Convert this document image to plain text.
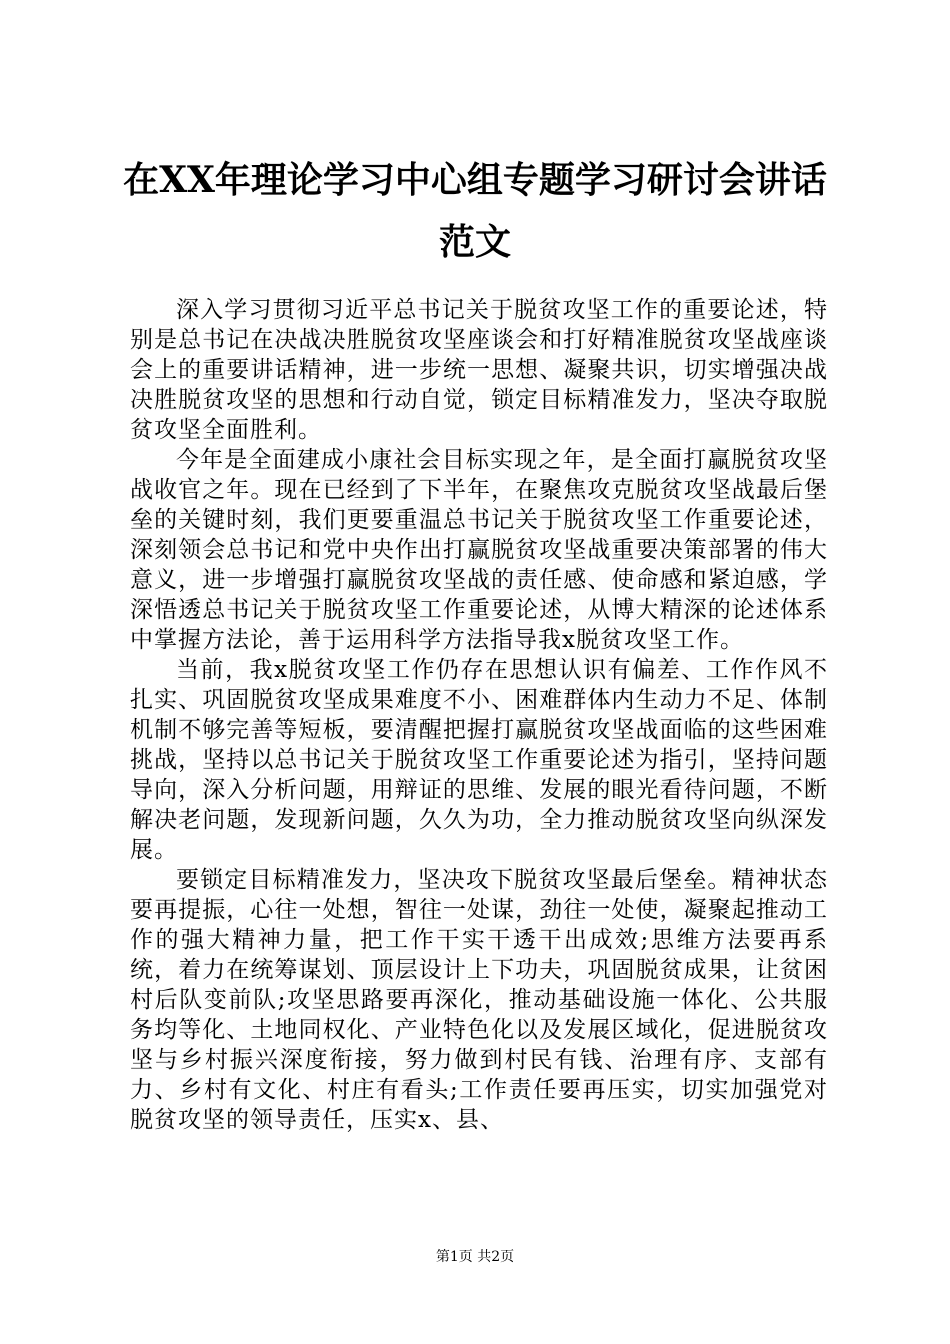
在XX年理论学习中心组专题学习研讨会讲话
范文

深入学习贯彻习近平总书记关于脱贫攻坚工作的重要论述，特别是总书记在决战决胜脱贫攻坚座谈会和打好精准脱贫攻坚战座谈会上的重要讲话精神，进一步统一思想、凝聚共识，切实增强决战决胜脱贫攻坚的思想和行动自觉，锁定目标精准发力，坚决夺取脱贫攻坚全面胜利。

今年是全面建成小康社会目标实现之年，是全面打赢脱贫攻坚战收官之年。现在已经到了下半年，在聚焦攻克脱贫攻坚战最后堡垒的关键时刻，我们更要重温总书记关于脱贫攻坚工作重要论述，深刻领会总书记和党中央作出打赢脱贫攻坚战重要决策部署的伟大意义，进一步增强打赢脱贫攻坚战的责任感、使命感和紧迫感，学深悟透总书记关于脱贫攻坚工作重要论述，从博大精深的论述体系中掌握方法论，善于运用科学方法指导我x脱贫攻坚工作。

当前，我x脱贫攻坚工作仍存在思想认识有偏差、工作作风不扎实、巩固脱贫攻坚成果难度不小、困难群体内生动力不足、体制机制不够完善等短板，要清醒把握打赢脱贫攻坚战面临的这些困难挑战，坚持以总书记关于脱贫攻坚工作重要论述为指引，坚持问题导向，深入分析问题，用辩证的思维、发展的眼光看待问题，不断解决老问题，发现新问题，久久为功，全力推动脱贫攻坚向纵深发展。

要锁定目标精准发力，坚决攻下脱贫攻坚最后堡垒。精神状态要再提振，心往一处想，智往一处谋，劲往一处使，凝聚起推动工作的强大精神力量，把工作干实干透干出成效;思维方法要再系统，着力在统筹谋划、顶层设计上下功夫，巩固脱贫成果，让贫困村后队变前队;攻坚思路要再深化，推动基础设施一体化、公共服务均等化、土地同权化、产业特色化以及发展区域化，促进脱贫攻坚与乡村振兴深度衔接，努力做到村民有钱、治理有序、支部有力、乡村有文化、村庄有看头;工作责任要再压实，切实加强党对脱贫攻坚的领导责任，压实x、县、

第1页 共2页
